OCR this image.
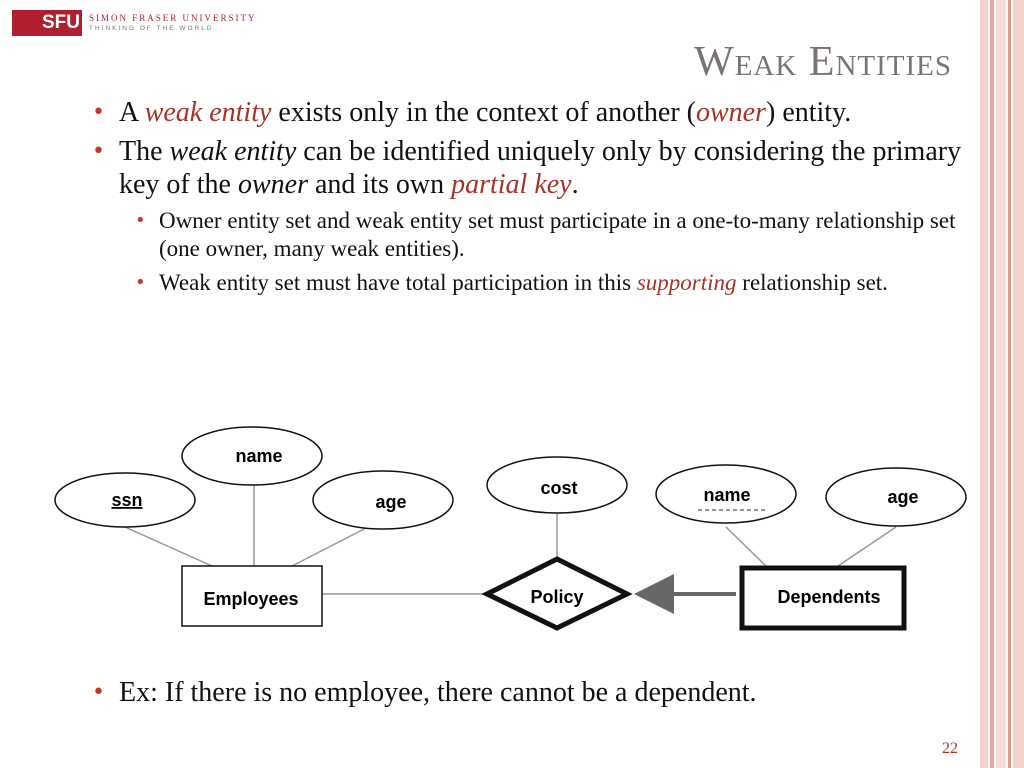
SFU SIMON FRASER UNIVERSITY
THINKING OF THE WORLD
Weak Entities
• A weak entity exists only in the context of another (owner) entity.
• The weak entity can be identified uniquely only by considering the primary key of the owner and its own partial key.
• Owner entity set and weak entity set must participate in a one-to-many relationship set (one owner, many weak entities).
• Weak entity set must have total participation in this supporting relationship set.
ssn
name
age
cost	name	age
Employees	Dependents
Policy
• Ex: If there is no employee, there cannot be a dependent.
22
